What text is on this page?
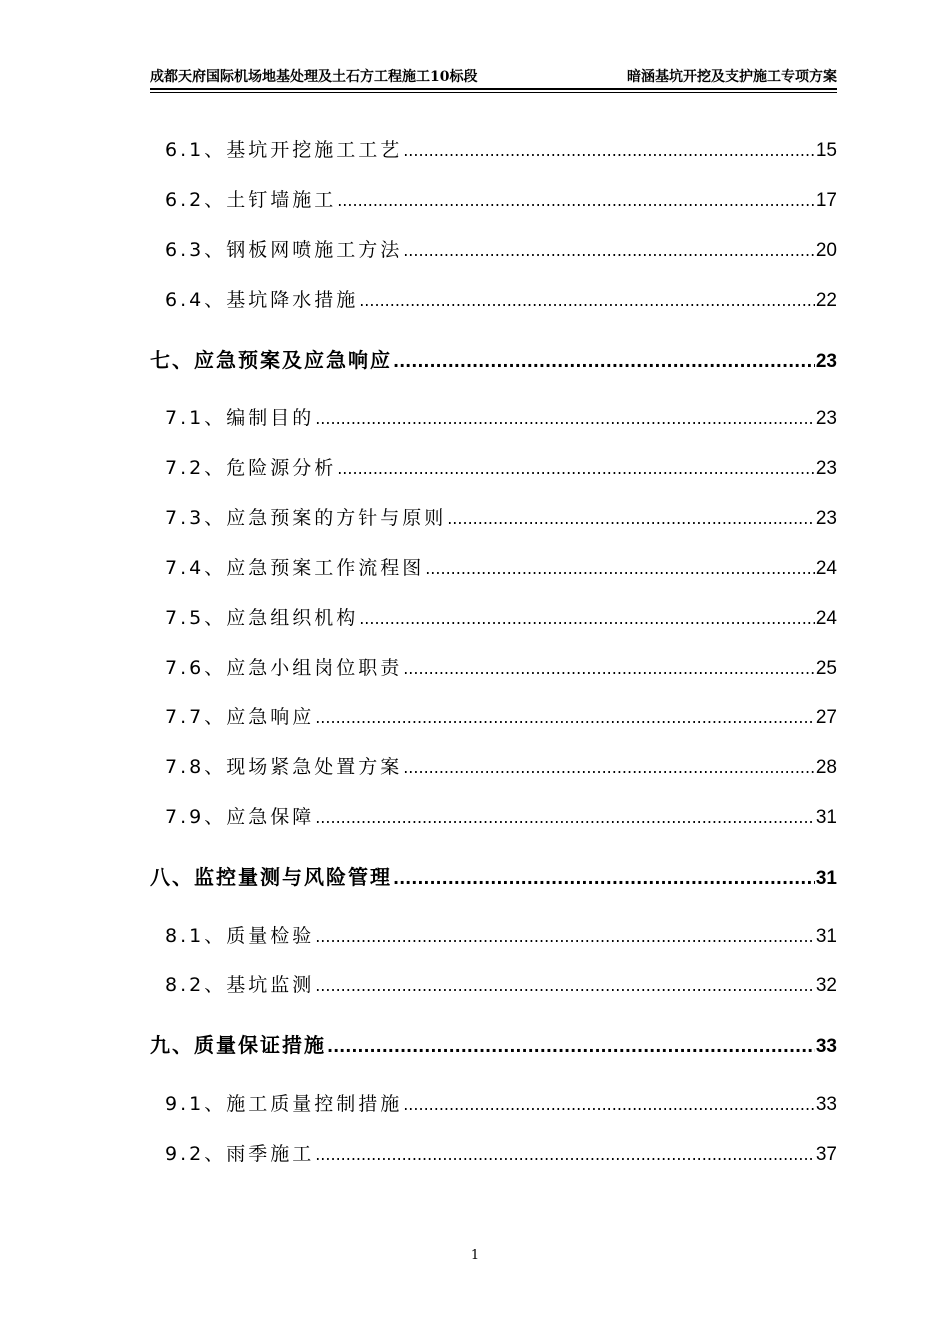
成都天府国际机场地基处理及土石方工程施工10标段	暗涵基坑开挖及支护施工专项方案
6.1、基坑开挖施工工艺 .....	15
6.2、土钉墙施工 .....	17
6.3、钢板网喷施工方法 .....	20
6.4、基坑降水措施 .....	22
七、应急预案及应急响应 .....	23
7.1、编制目的 .....	23
7.2、危险源分析 .....	23
7.3、应急预案的方针与原则 .....	23
7.4、应急预案工作流程图 .....	24
7.5、应急组织机构 .....	24
7.6、应急小组岗位职责 .....	25
7.7、应急响应 .....	27
7.8、现场紧急处置方案 .....	28
7.9、应急保障 .....	31
八、监控量测与风险管理 .....	31
8.1、质量检验 .....	31
8.2、基坑监测 .....	32
九、质量保证措施 .....	33
9.1、施工质量控制措施 .....	33
9.2、雨季施工 .....	37
1
